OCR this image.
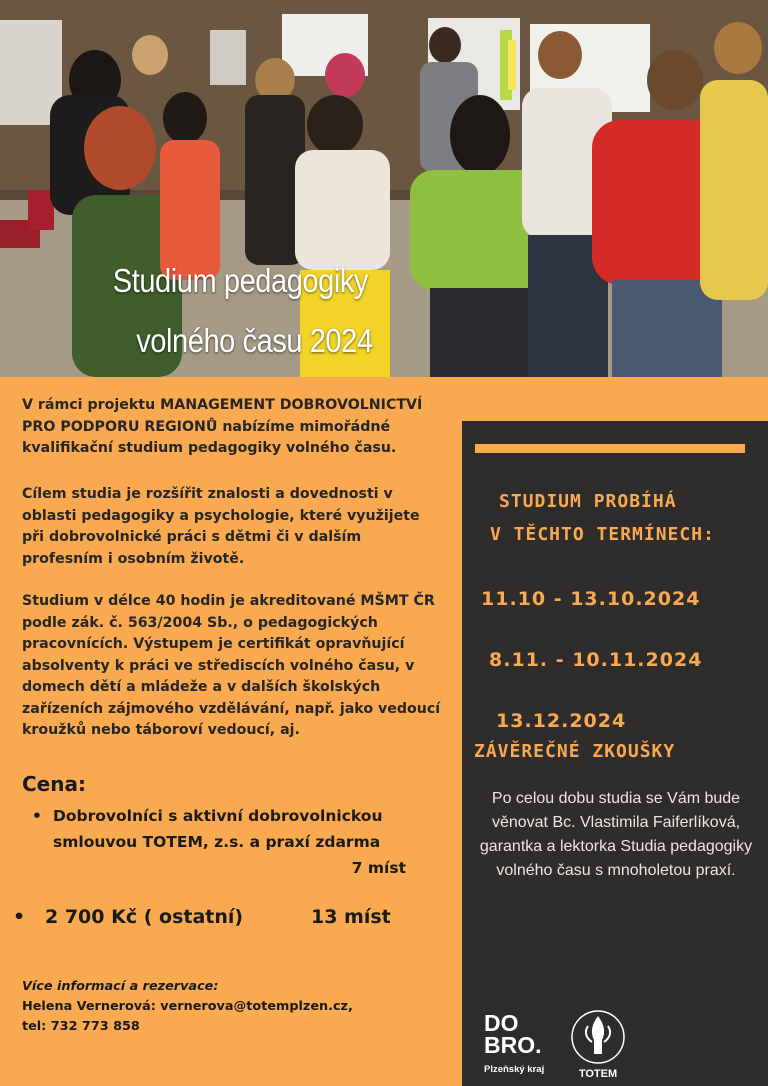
Studium pedagogiky
volného času 2024

V rámci projektu MANAGEMENT DOBROVOLNICTVÍ PRO PODPORU REGIONŮ nabízíme mimořádné kvalifikační studium pedagogiky volného času.

Cílem studia je rozšířit znalosti a dovednosti v oblasti pedagogiky a psychologie, které využijete při dobrovolnické práci s dětmi či v dalším profesním i osobním životě.

Studium v délce 40 hodin je akreditované MŠMT ČR podle zák. č. 563/2004 Sb., o pedagogických pracovnících. Výstupem je certifikát opravňující absolventy k práci ve střediscích volného času, v domech dětí a mládeže a v dalších školských zařízeních zájmového vzdělávání, např. jako vedoucí kroužků nebo táboroví vedoucí, aj.

Cena:
• Dobrovolníci s aktivní dobrovolnickou smlouvou TOTEM, z.s. a praxí zdarma
7 míst
• 2 700 Kč ( ostatní)	13 míst
Více informací a rezervace:
Helena Vernerová: vernerova@totemplzen.cz,
tel: 732 773 858
STUDIUM PROBÍHÁ
V TĚCHTO TERMÍNECH:
11.10 - 13.10.2024
8.11. - 10.11.2024
13.12.2024
ZÁVĚREČNÉ ZKOUŠKY
Po celou dobu studia se Vám bude věnovat Bc. Vlastimila Faiferlíková, garantka a lektorka Studia pedagogiky volného času s mnoholetou praxí.
DO
BRO.
Plzeňský kraj	TOTEM
